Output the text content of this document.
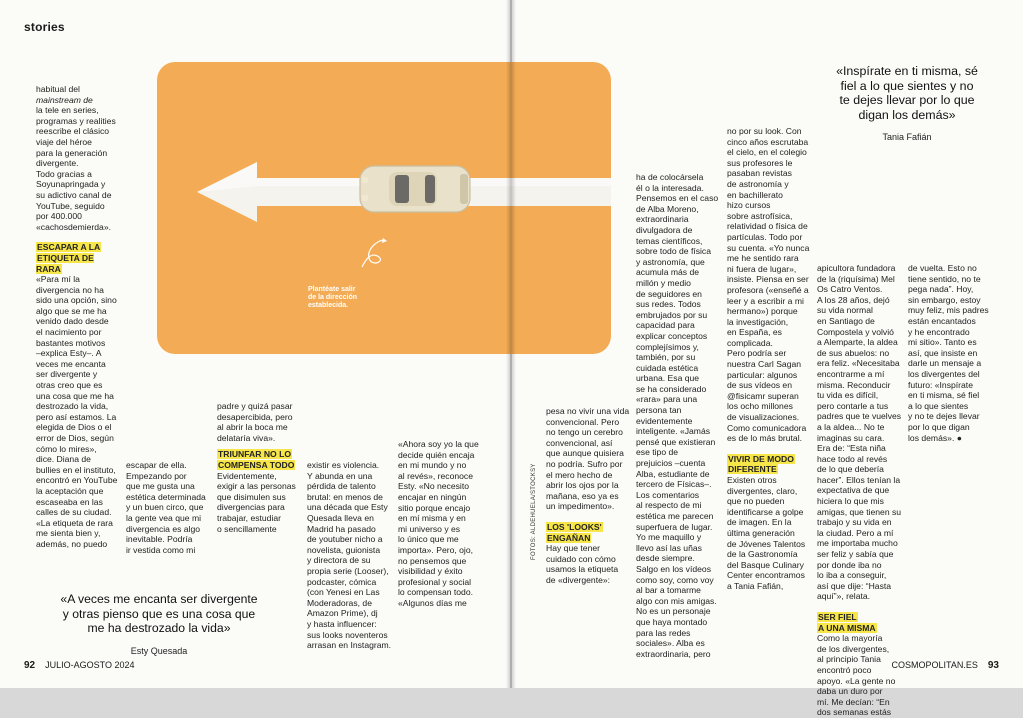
stories
92 JULIO-AGOSTO 2024	COSMOPOLITAN.ES 93
Plantéate salir
de la dirección
establecida.
FOTOS: ALDEHUELA/STOCKSY

habitual del

mainstream de

la tele en series,

programas y realities

reescribe el clásico

viaje del héroe

para la generación

divergente.

Todo gracias a

Soyunapringada y

su adictivo canal de

YouTube, seguido

por 400.000

«cachosdemierda».

ESCAPAR A LA
ETIQUETA DE RARA

«Para mí la

divergencia no ha

sido una opción, sino

algo que se me ha

venido dado desde

el nacimiento por

bastantes motivos

–explica Esty–. A

veces me encanta

ser divergente y

otras creo que es

una cosa que me ha

destrozado la vida,

pero así estamos. La

elegida de Dios o el

error de Dios, según

cómo lo mires»,

dice. Diana de

bullies en el instituto,

encontró en YouTube

la aceptación que

escaseaba en las

calles de su ciudad.

«La etiqueta de rara

me sienta bien y,

además, no puedo

escapar de ella.

Empezando por

que me gusta una

estética determinada

y un buen circo, que

la gente vea que mi

divergencia es algo

inevitable. Podría

ir vestida como mi

padre y quizá pasar

desapercibida, pero

al abrir la boca me

delataría viva».

TRIUNFAR NO LO
COMPENSA TODO

Evidentemente,

exigir a las personas

que disimulen sus

divergencias para

trabajar, estudiar

o sencillamente

existir es violencia.

Y abunda en una

pérdida de talento

brutal: en menos de

una década que Esty

Quesada lleva en

Madrid ha pasado

de youtuber nicho a

novelista, guionista

y directora de su

propia serie (Looser),

podcaster, cómica

(con Yenesi en Las

Moderadoras, de

Amazon Prime), dj

y hasta influencer:

sus looks noventeros

arrasan en Instagram.

«Ahora soy yo la que

decide quién encaja

en mi mundo y no

al revés», reconoce

Esty. «No necesito

encajar en ningún

sitio porque encajo

en mí misma y en

mi universo y es

lo único que me

importa». Pero, ojo,

no pensemos que

visibilidad y éxito

profesional y social

lo compensan todo.

«Algunos días me

«A veces me encanta ser divergente
y otras pienso que es una cosa que
me ha destrozado la vida»
Esty Quesada

pesa no vivir una vida

convencional. Pero

no tengo un cerebro

convencional, así

que aunque quisiera

no podría. Sufro por

el mero hecho de

abrir los ojos por la

mañana, eso ya es

un impedimento».

LOS 'LOOKS'
ENGAÑAN

Hay que tener

cuidado con cómo

usamos la etiqueta

de «divergente»:

ha de colocársela

él o la interesada.

Pensemos en el caso

de Alba Moreno,

extraordinaria

divulgadora de

temas científicos,

sobre todo de física

y astronomía, que

acumula más de

millón y medio

de seguidores en

sus redes. Todos

embrujados por su

capacidad para

explicar conceptos

complejísimos y,

también, por su

cuidada estética

urbana. Esa que

se ha considerado

«rara» para una

persona tan

evidentemente

inteligente. «Jamás

pensé que existieran

ese tipo de

prejuicios –cuenta

Alba, estudiante de

tercero de Físicas–.

Los comentarios

al respecto de mi

estética me parecen

superfuera de lugar.

Yo me maquillo y

llevo así las uñas

desde siempre.

Salgo en los vídeos

como soy, como voy

al bar a tomarme

algo con mis amigas.

No es un personaje

que haya montado

para las redes

sociales». Alba es

extraordinaria, pero

no por su look. Con

cinco años escrutaba

el cielo, en el colegio

sus profesores le

pasaban revistas

de astronomía y

en bachillerato

hizo cursos

sobre astrofísica,

relatividad o física de

partículas. Todo por

su cuenta. «Yo nunca

me he sentido rara

ni fuera de lugar»,

insiste. Piensa en ser

profesora («enseñé a

leer y a escribir a mi

hermano») porque

la investigación,

en España, es

complicada.

Pero podría ser

nuestra Carl Sagan

particular: algunos

de sus vídeos en

@fisicamr superan

los ocho millones

de visualizaciones.

Como comunicadora

es de lo más brutal.

VIVIR DE MODO
DIFERENTE

Existen otros

divergentes, claro,

que no pueden

identificarse a golpe

de imagen. En la

última generación

de Jóvenes Talentos

de la Gastronomía

del Basque Culinary

Center encontramos

a Tania Fafián,

apicultora fundadora

de la (riquísima) Mel

Os Catro Ventos.

A los 28 años, dejó

su vida normal

en Santiago de

Compostela y volvió

a Alemparte, la aldea

de sus abuelos: no

era feliz. «Necesitaba

encontrarme a mí

misma. Reconducir

tu vida es difícil,

pero contarle a tus

padres que te vuelves

a la aldea... No te

imaginas su cara.

Era de: “Esta niña

hace todo al revés

de lo que debería

hacer”. Ellos tenían la

expectativa de que

hiciera lo que mis

amigas, que tienen su

trabajo y su vida en

la ciudad. Pero a mí

me importaba mucho

ser feliz y sabía que

por donde iba no

lo iba a conseguir,

así que dije: “Hasta

aquí”», relata.

SER FIEL
A UNA MISMA

Como la mayoría

de los divergentes,

al principio Tania

encontró poco

apoyo. «La gente no

daba un duro por

mí. Me decían: “En

dos semanas estás

de vuelta. Esto no

tiene sentido, no te

pega nada”. Hoy,

sin embargo, estoy

muy feliz, mis padres

están encantados

y he encontrado

mi sitio». Tanto es

así, que insiste en

darle un mensaje a

los divergentes del

futuro: «Inspírate

en ti misma, sé fiel

a lo que sientes

y no te dejes llevar

por lo que digan

los demás». ●

«Inspírate en ti misma, sé
fiel a lo que sientes y no
te dejes llevar por lo que
digan los demás»
Tania Fafián
